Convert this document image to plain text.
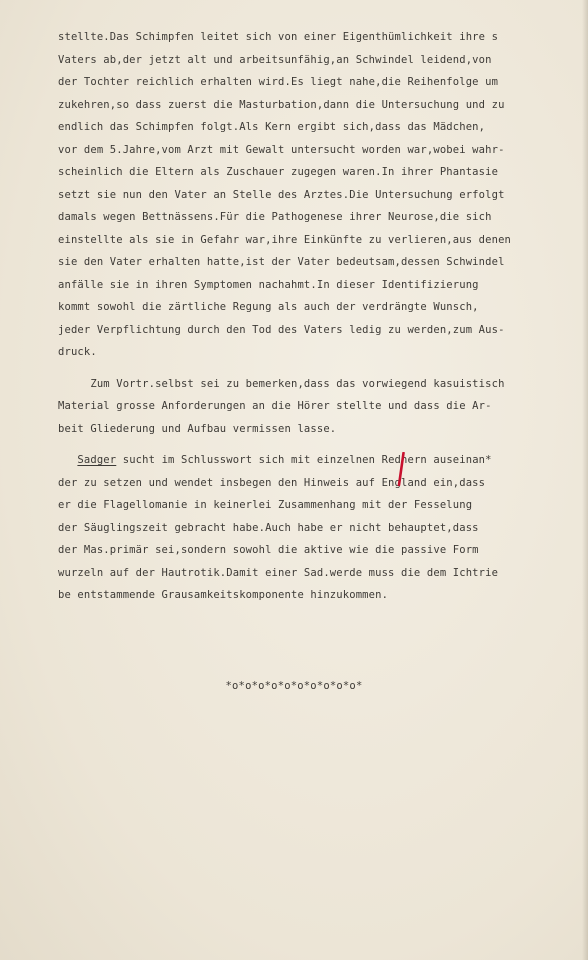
stellte.Das Schimpfen leitet sich von einer Eigenthümlichkeit ihre s
Vaters ab,der jetzt alt und arbeitsunfähig,an Schwindel leidend,von
der Tochter reichlich erhalten wird.Es liegt nahe,die Reihenfolge um
zukehren,so dass zuerst die Masturbation,dann die Untersuchung und zu
endlich das Schimpfen folgt.Als Kern ergibt sich,dass das Mädchen,
vor dem 5.Jahre,vom Arzt mit Gewalt untersucht worden war,wobei wahr-
scheinlich die Eltern als Zuschauer zugegen waren.In ihrer Phantasie
setzt sie nun den Vater an Stelle des Arztes.Die Untersuchung erfolgt
damals wegen Bettnässens.Für die Pathogenese ihrer Neurose,die sich
einstellte als sie in Gefahr war,ihre Einkünfte zu verlieren,aus denen
sie den Vater erhalten hatte,ist der Vater bedeutsam,dessen Schwindel
anfälle sie in ihren Symptomen nachahmt.In dieser Identifizierung
kommt sowohl die zärtliche Regung als auch der verdrängte Wunsch,
jeder Verpflichtung durch den Tod des Vaters ledig zu werden,zum Aus-
druck.
Zum Vortr.selbst sei zu bemerken,dass das vorwiegend kasuistisch
Material grosse Anforderungen an die Hörer stellte und dass die Ar-
beit Gliederung und Aufbau vermissen lasse.
Sadger sucht im Schlusswort sich mit einzelnen Rednern auseinan*
der zu setzen und wendet insbegen den Hinweis auf England ein,dass
er die Flagellomanie in keinerlei Zusammenhang mit der Fesselung
der Säuglingszeit gebracht habe.Auch habe er nicht behauptet,dass
der Mas.primär sei,sondern sowohl die aktive wie die passive Form
wurzeln auf der Hautrotik.Damit einer Sad.werde muss die dem Ichtrie
be entstammende Grausamkeitskomponente hinzukommen.
*o*o*o*o*o*o*o*o*o*o*
